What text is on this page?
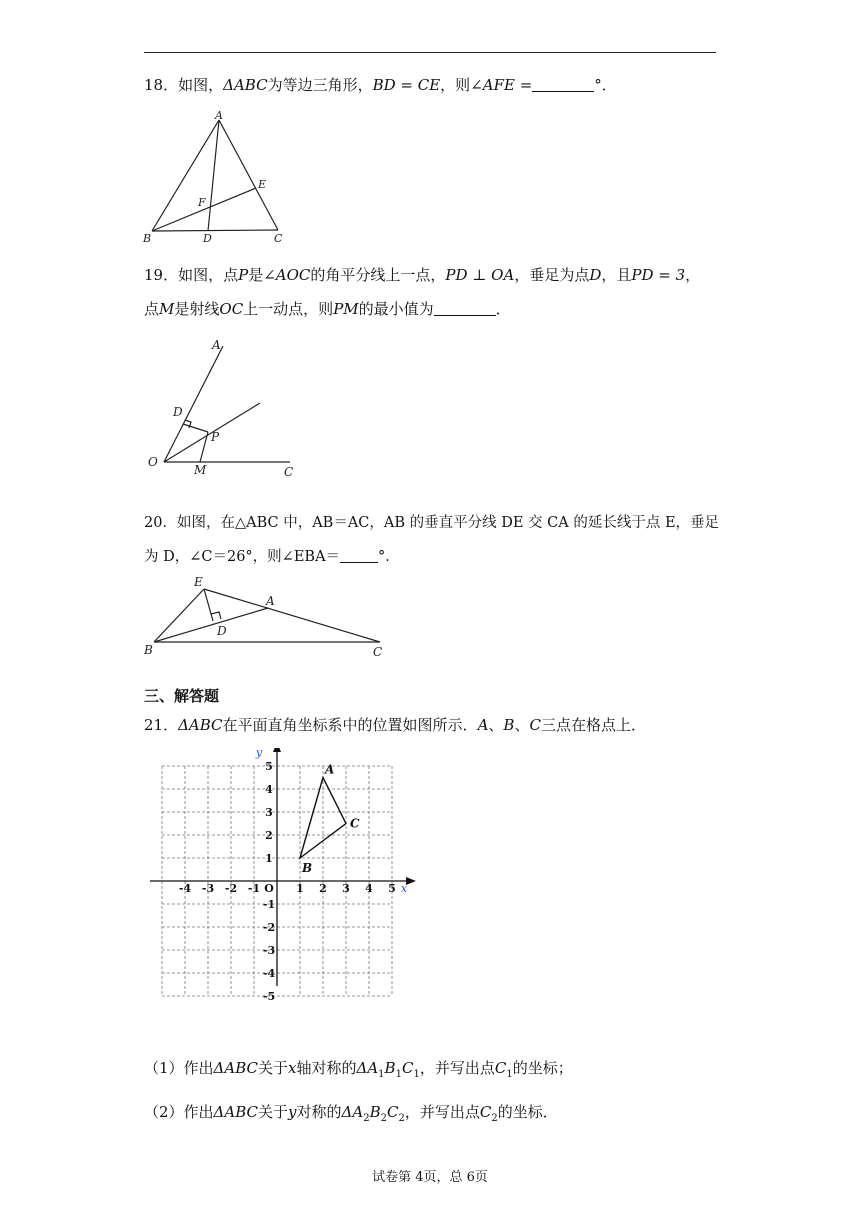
18．如图，ΔABC为等边三角形，BD = CE，则∠AFE =	°．
A
B	C
D
E
F
19．如图，点P是∠AOC的角平分线上一点，PD ⊥ OA，垂足为点D，且PD = 3，
点M是射线OC上一动点，则PM的最小值为	．
A
D
P
O
M	C
20．如图，在△ABC 中，AB＝AC，AB 的垂直平分线 DE 交 CA 的延长线于点 E，垂足
为 D，∠C＝26°，则∠EBA＝	°．
E
A
D
B	C
三、解答题
21．ΔABC在平面直角坐标系中的位置如图所示．A、B、C三点在格点上．
-4 -3 -2 -1	1 2 3 4 5
5
4
3
2
1
-1
-2
-3
-4
-5
O	x
y
A
B
C
（1）作出ΔABC关于x轴对称的$\Delta A_1B_1C_1$，并写出点$C_1$的坐标；
（2）作出ΔABC关于y对称的$\Delta A_2B_2C_2$，并写出点$C_2$的坐标．
试卷第 4页，总 6页
